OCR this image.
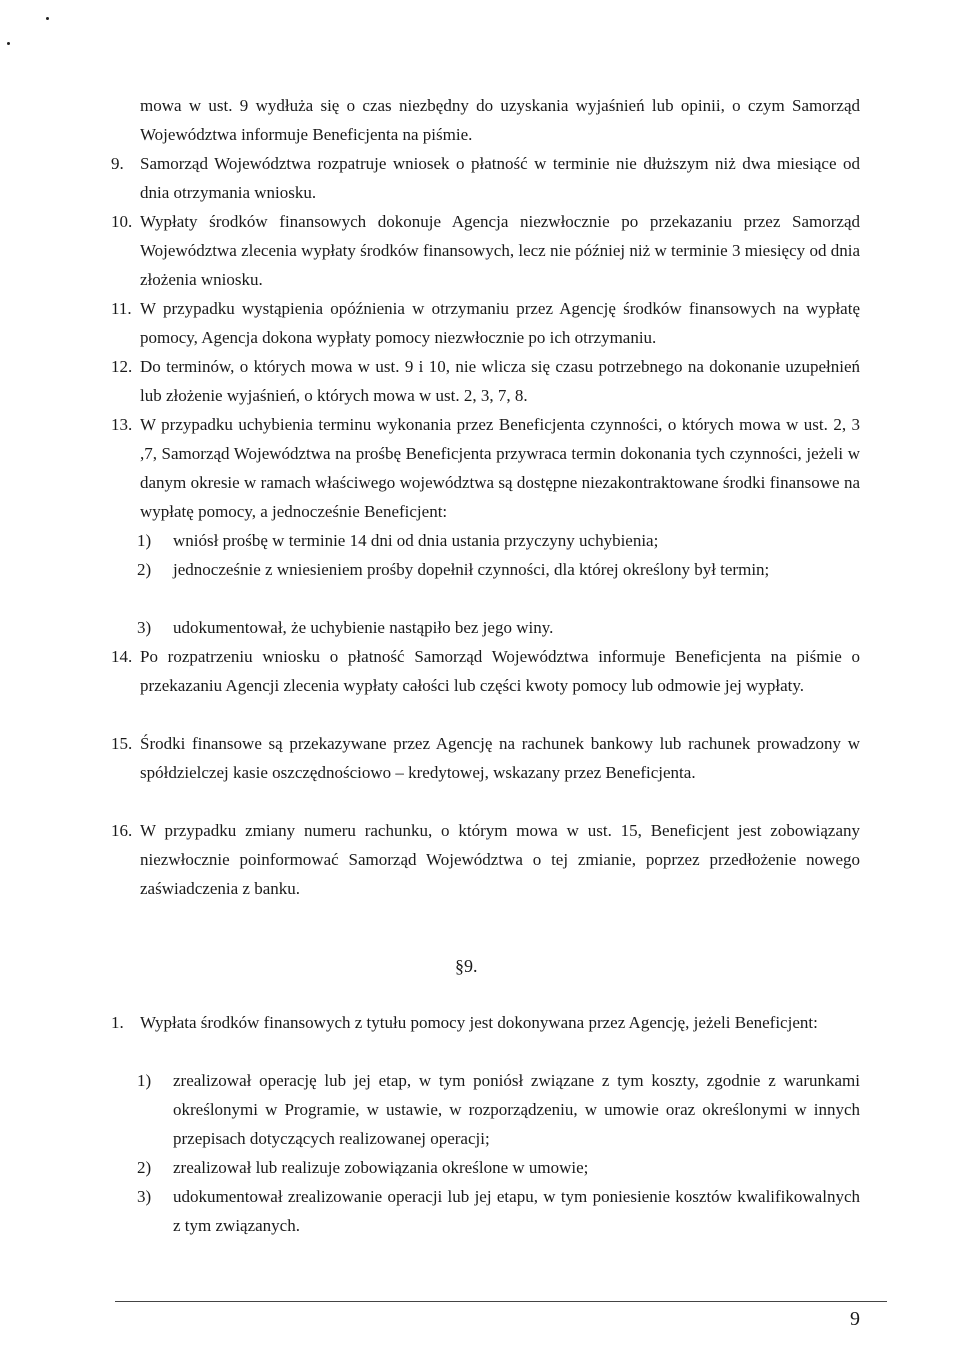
mowa w ust. 9 wydłuża się o czas niezbędny do uzyskania wyjaśnień lub opinii, o czym Samorząd Województwa informuje Beneficjenta na piśmie.

9. Samorząd Województwa rozpatruje wniosek o płatność w terminie nie dłuższym niż dwa miesiące od dnia otrzymania wniosku.

10. Wypłaty środków finansowych dokonuje Agencja niezwłocznie po przekazaniu przez Samorząd Województwa zlecenia wypłaty środków finansowych, lecz nie później niż w terminie 3 miesięcy od dnia złożenia wniosku.

11. W przypadku wystąpienia opóźnienia w otrzymaniu przez Agencję środków finansowych na wypłatę pomocy, Agencja dokona wypłaty pomocy niezwłocznie po ich otrzymaniu.

12. Do terminów, o których mowa w ust. 9 i 10, nie wlicza się czasu potrzebnego na dokonanie uzupełnień lub złożenie wyjaśnień, o których mowa w ust. 2, 3, 7, 8.

13. W przypadku uchybienia terminu wykonania przez Beneficjenta czynności, o których mowa w ust. 2, 3 ,7, Samorząd Województwa na prośbę Beneficjenta przywraca termin dokonania tych czynności, jeżeli w danym okresie w ramach właściwego województwa są dostępne niezakontraktowane środki finansowe na wypłatę pomocy, a jednocześnie Beneficjent:

1) wniósł prośbę w terminie 14 dni od dnia ustania przyczyny uchybienia;

2) jednocześnie z wniesieniem prośby dopełnił czynności, dla której określony był termin;

3) udokumentował, że uchybienie nastąpiło bez jego winy.

14. Po rozpatrzeniu wniosku o płatność Samorząd Województwa informuje Beneficjenta na piśmie o przekazaniu Agencji zlecenia wypłaty całości lub części kwoty pomocy lub odmowie jej wypłaty.

15. Środki finansowe są przekazywane przez Agencję na rachunek bankowy lub rachunek prowadzony w spółdzielczej kasie oszczędnościowo – kredytowej, wskazany przez Beneficjenta.

16. W przypadku zmiany numeru rachunku, o którym mowa w ust. 15, Beneficjent jest zobowiązany niezwłocznie poinformować Samorząd Województwa o tej zmianie, poprzez przedłożenie nowego zaświadczenia z banku.

§9.

1. Wypłata środków finansowych z tytułu pomocy jest dokonywana przez Agencję, jeżeli Beneficjent:

1) zrealizował operację lub jej etap, w tym poniósł związane z tym koszty, zgodnie z warunkami określonymi w Programie, w ustawie, w rozporządzeniu, w umowie oraz określonymi w innych przepisach dotyczących realizowanej operacji;

2) zrealizował lub realizuje zobowiązania określone w umowie;

3) udokumentował zrealizowanie operacji lub jej etapu, w tym poniesienie kosztów kwalifikowalnych z tym związanych.

9
